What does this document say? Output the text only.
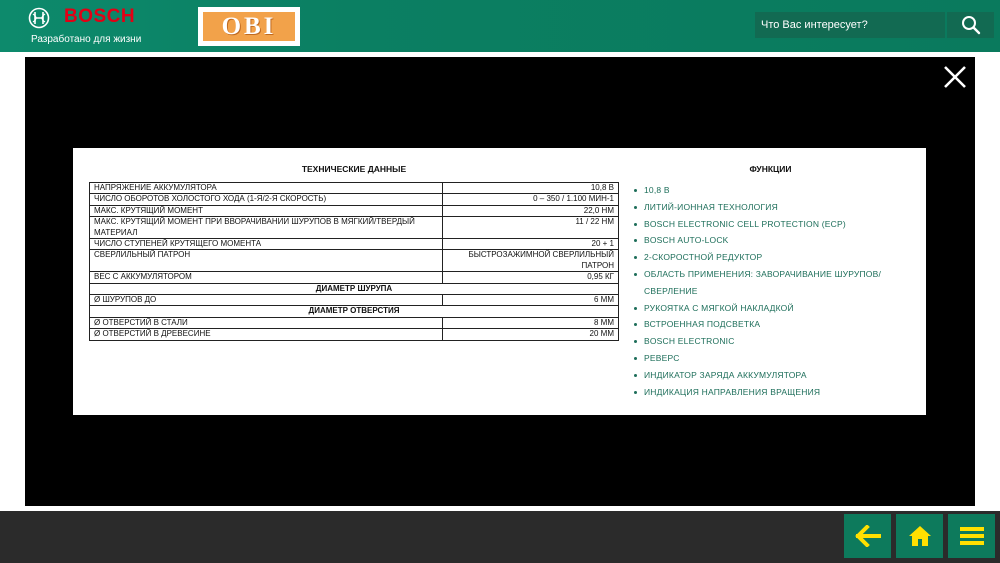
BOSCH
Разработано для жизни	OBI
Что Вас интересует?
ТЕХНИЧЕСКИЕ ДАННЫЕ
НАПРЯЖЕНИЕ АККУМУЛЯТОРА	10,8 В
ЧИСЛО ОБОРОТОВ ХОЛОСТОГО ХОДА (1-Я/2-Я СКОРОСТЬ)	0 – 350 / 1.100 МИН-1
МАКС. КРУТЯЩИЙ МОМЕНТ	22,0 НМ
МАКС. КРУТЯЩИЙ МОМЕНТ ПРИ ВВОРАЧИВАНИИ ШУРУПОВ В МЯГКИЙ/ТВЕРДЫЙ МАТЕРИАЛ	11 / 22 НМ
ЧИСЛО СТУПЕНЕЙ КРУТЯЩЕГО МОМЕНТА	20 + 1
СВЕРЛИЛЬНЫЙ ПАТРОН	БЫСТРОЗАЖИМНОЙ СВЕРЛИЛЬНЫЙ ПАТРОН
ВЕС С АККУМУЛЯТОРОМ	0,95 КГ
ДИАМЕТР ШУРУПА	
Ø ШУРУПОВ ДО	6 ММ
ДИАМЕТР ОТВЕРСТИЯ	
Ø ОТВЕРСТИЙ В СТАЛИ	8 ММ
Ø ОТВЕРСТИЙ В ДРЕВЕСИНЕ	20 ММ
ФУНКЦИИ
10,8 В
ЛИТИЙ-ИОННАЯ ТЕХНОЛОГИЯ
BOSCH ELECTRONIC CELL PROTECTION (ECP)
BOSCH AUTO-LOCK
2-СКОРОСТНОЙ РЕДУКТОР
ОБЛАСТЬ ПРИМЕНЕНИЯ: ЗАВОРАЧИВАНИЕ ШУРУПОВ/ СВЕРЛЕНИЕ
РУКОЯТКА С МЯГКОЙ НАКЛАДКОЙ
ВСТРОЕННАЯ ПОДСВЕТКА
BOSCH ELECTRONIC
РЕВЕРС
ИНДИКАТОР ЗАРЯДА АККУМУЛЯТОРА
ИНДИКАЦИЯ НАПРАВЛЕНИЯ ВРАЩЕНИЯ
